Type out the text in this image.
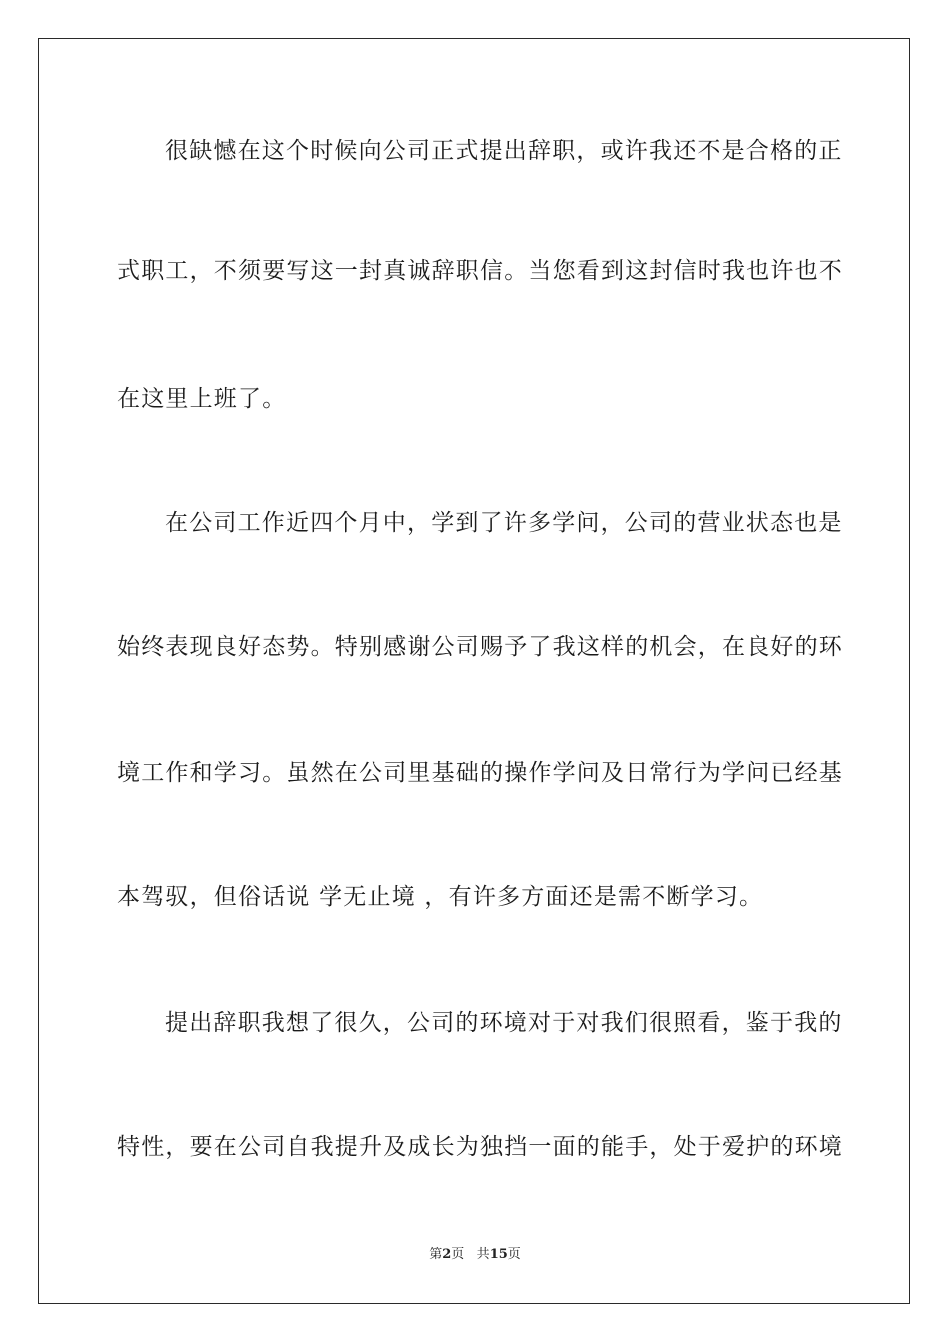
很缺憾在这个时候向公司正式提出辞职，或许我还不是合格的正
式职工，不须要写这一封真诚辞职信。当您看到这封信时我也许也不
在这里上班了。
在公司工作近四个月中，学到了许多学问，公司的营业状态也是
始终表现良好态势。特别感谢公司赐予了我这样的机会，在良好的环
境工作和学习。虽然在公司里基础的操作学问及日常行为学问已经基
本驾驭，但俗话说 学无止境 ，有许多方面还是需不断学习。
提出辞职我想了很久，公司的环境对于对我们很照看，鉴于我的
特性，要在公司自我提升及成长为独挡一面的能手，处于爱护的环境
第2页 共15页
